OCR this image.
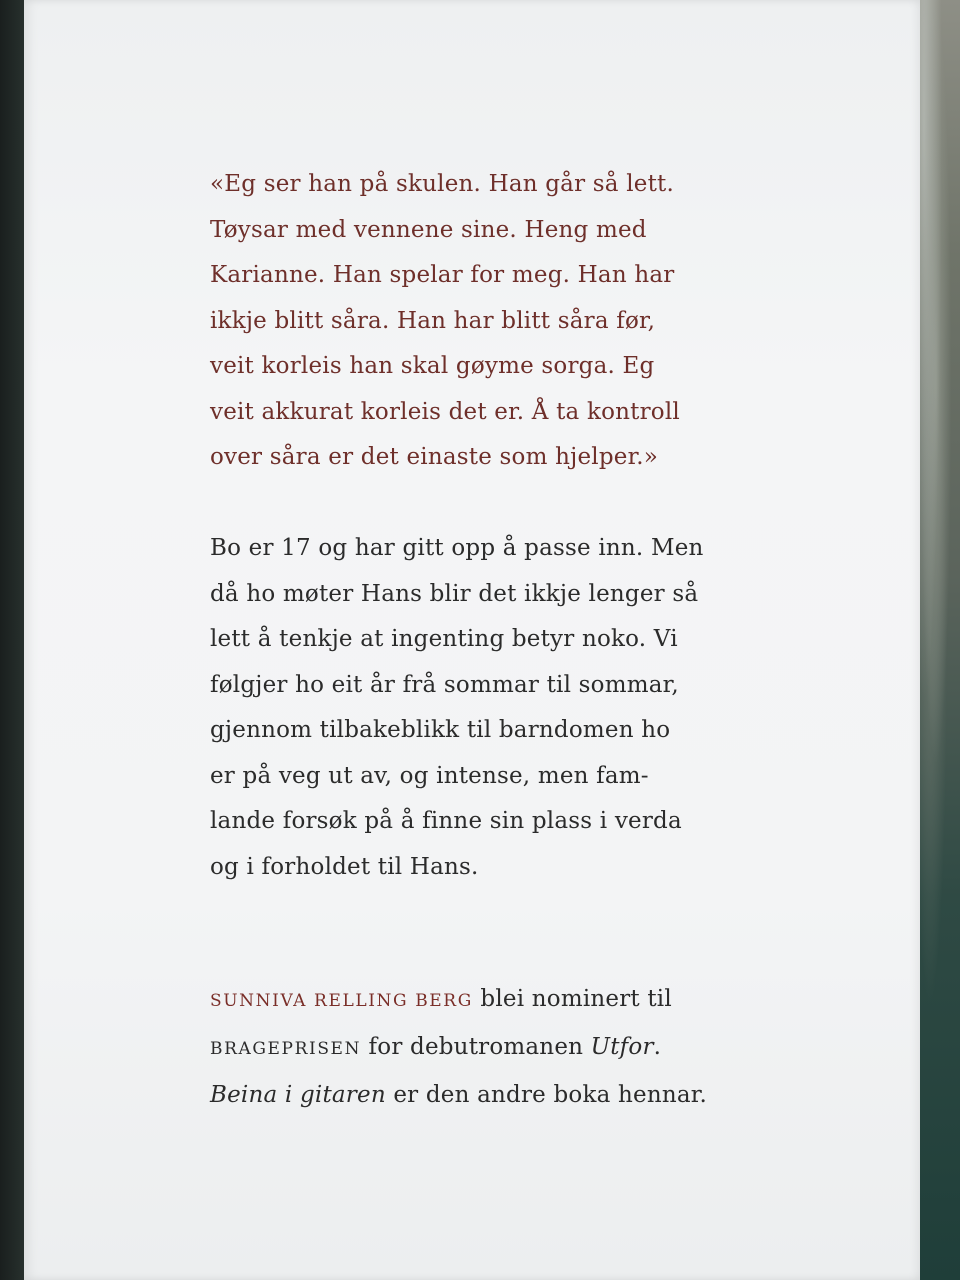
«Eg ser han på skulen. Han går så lett.
Tøysar med vennene sine. Heng med
Karianne. Han spelar for meg. Han har
ikkje blitt såra. Han har blitt såra før,
veit korleis han skal gøyme sorga. Eg
veit akkurat korleis det er. Å ta kontroll
over såra er det einaste som hjelper.»

Bo er 17 og har gitt opp å passe inn. Men
då ho møter Hans blir det ikkje lenger så
lett å tenkje at ingenting betyr noko. Vi
følgjer ho eit år frå sommar til sommar,
gjennom tilbakeblikk til barndomen ho
er på veg ut av, og intense, men fam-
lande forsøk på å finne sin plass i verda
og i forholdet til Hans.

SUNNIVA RELLING BERG blei nominert til
BRAGEPRISEN for debutromanen Utfor.
Beina i gitaren er den andre boka hennar.
